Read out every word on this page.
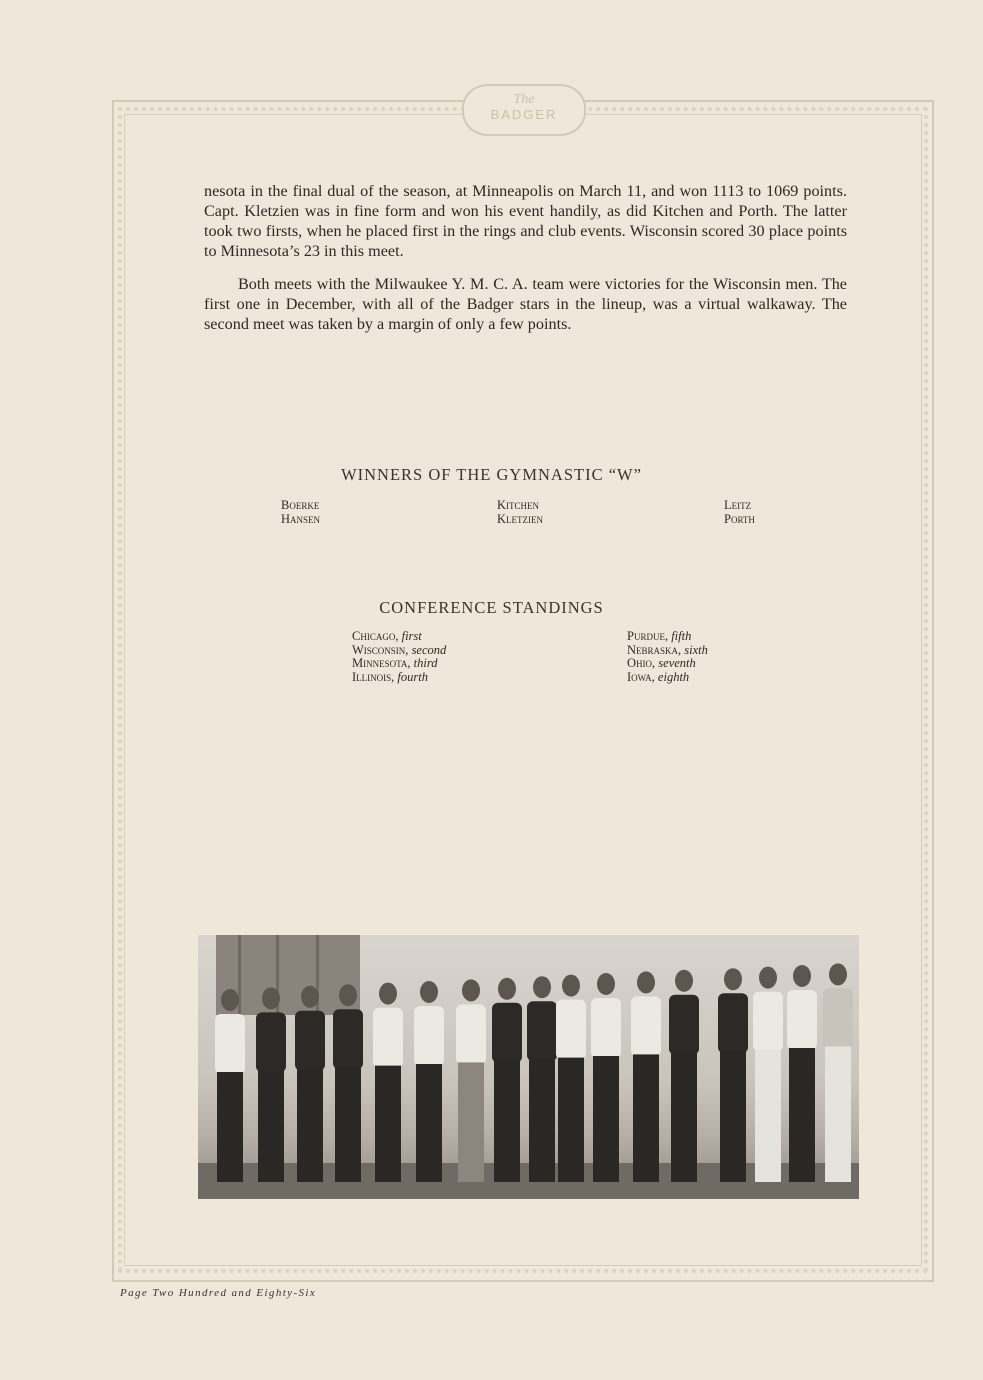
The
BADGER

nesota in the final dual of the season, at Minneapolis on March 11, and won 1113 to 1069 points. Capt. Kletzien was in fine form and won his event handily, as did Kitchen and Porth. The latter took two firsts, when he placed first in the rings and club events. Wisconsin scored 30 place points to Minnesota’s 23 in this meet.

Both meets with the Milwaukee Y. M. C. A. team were victories for the Wisconsin men. The first one in December, with all of the Badger stars in the lineup, was a virtual walkaway. The second meet was taken by a margin of only a few points.

WINNERS OF THE GYMNASTIC “W”
Boerke
Hansen
Kitchen
Kletzien
Leitz
Porth
CONFERENCE STANDINGS
Chicago, first
Wisconsin, second
Minnesota, third
Illinois, fourth
Purdue, fifth
Nebraska, sixth
Ohio, seventh
Iowa, eighth
Page Two Hundred and Eighty-Six
